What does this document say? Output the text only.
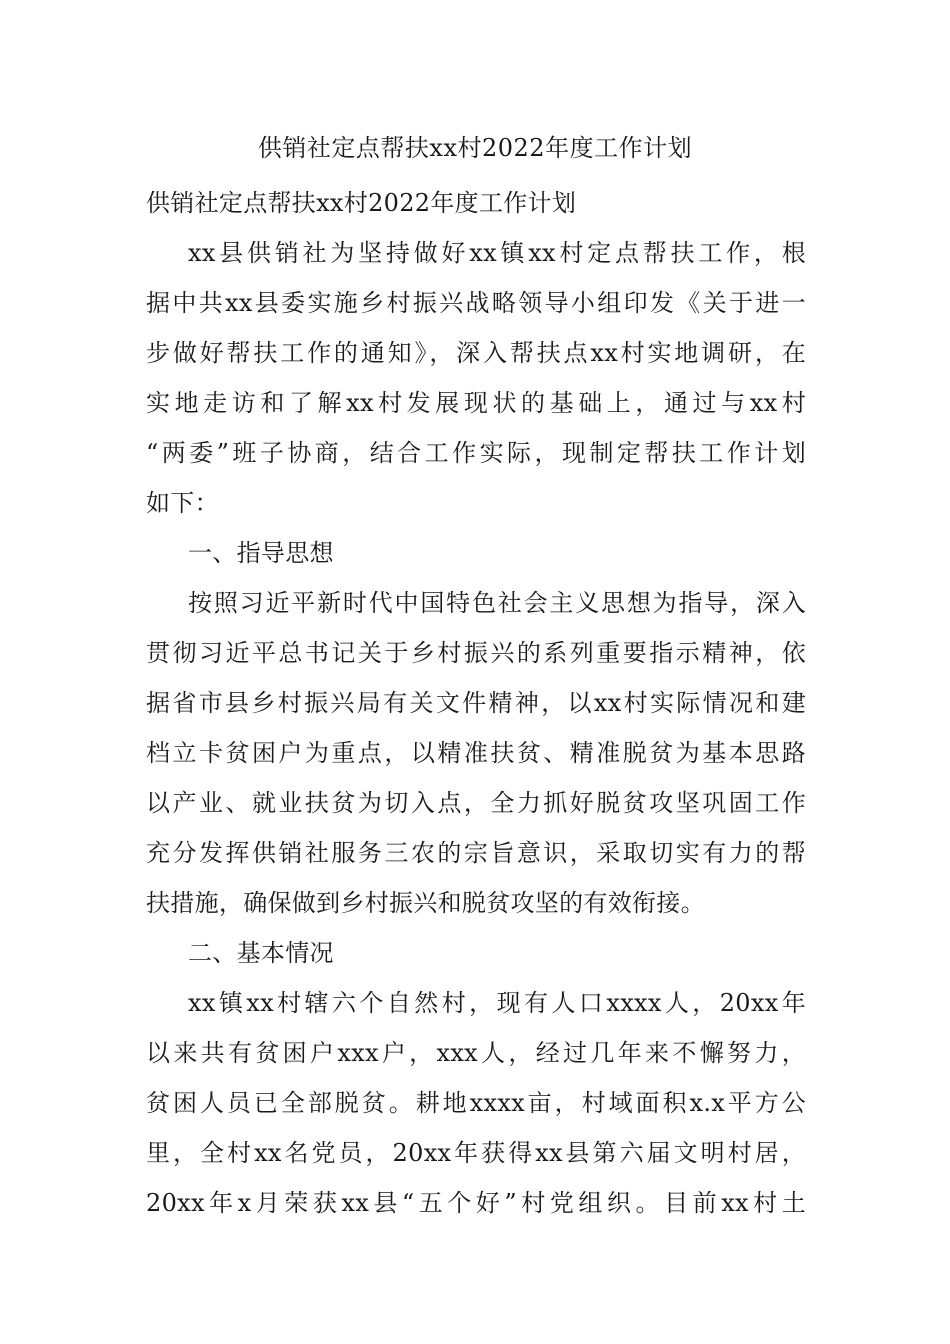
供销社定点帮扶xx村2022年度工作计划
供销社定点帮扶xx村2022年度工作计划
xx县供销社为坚持做好xx镇xx村定点帮扶工作，根
据中共xx县委实施乡村振兴战略领导小组印发《关于进一
步做好帮扶工作的通知》，深入帮扶点xx村实地调研，在
实地走访和了解xx村发展现状的基础上，通过与xx村
“两委”班子协商，结合工作实际，现制定帮扶工作计划
如下：
一、指导思想
按照习近平新时代中国特色社会主义思想为指导，深入
贯彻习近平总书记关于乡村振兴的系列重要指示精神，依
据省市县乡村振兴局有关文件精神，以xx村实际情况和建
档立卡贫困户为重点，以精准扶贫、精准脱贫为基本思路
以产业、就业扶贫为切入点，全力抓好脱贫攻坚巩固工作
充分发挥供销社服务三农的宗旨意识，采取切实有力的帮
扶措施，确保做到乡村振兴和脱贫攻坚的有效衔接。
二、基本情况
xx镇xx村辖六个自然村，现有人口xxxx人，20xx年
以来共有贫困户xxx户，xxx人，经过几年来不懈努力，
贫困人员已全部脱贫。耕地xxxx亩，村域面积x.x平方公
里，全村xx名党员，20xx年获得xx县第六届文明村居，
20xx年x月荣获xx县“五个好”村党组织。目前xx村土
